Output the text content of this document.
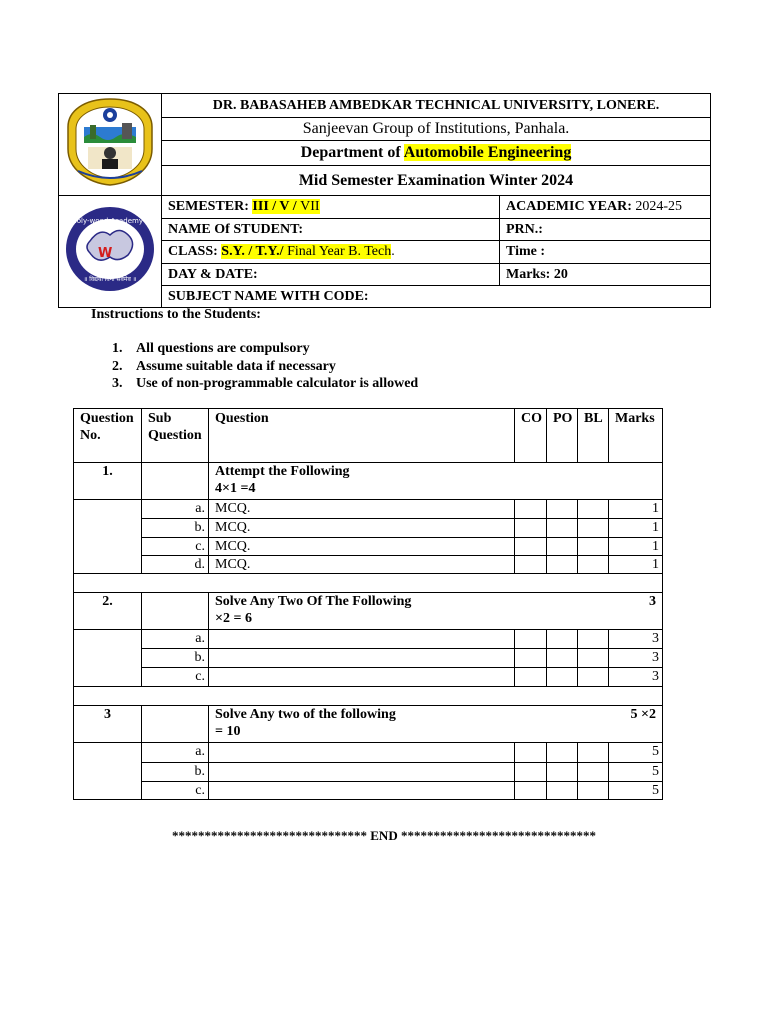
	DR. BABASAHEB AMBEDKAR TECHNICAL UNIVERSITY, LONERE.	
	Sanjeevan Group of Institutions, Panhala.	
	Department of Automobile Engineering	
	Mid Semester Examination Winter 2024	

W
Holy-wood Academy's
॥ विद्यया विना सर्वमेव ॥	SEMESTER: III / V / VII	ACADEMIC YEAR: 2024-25
	NAME Of STUDENT:	PRN.:
	CLASS: S.Y. / T.Y./ Final Year B. Tech.	Time :
	DAY & DATE:	Marks: 20
	SUBJECT NAME WITH CODE:	
Instructions to the Students:
1. All questions are compulsory
2. Assume suitable data if necessary
3. Use of non-programmable calculator is allowed
Question No.	Sub Question	Question	CO	PO	BL	Marks
1.		Attempt the Following
4×1 =4				

	a.	MCQ.				1
	b.	MCQ.				1
	c.	MCQ.				1
	d.	MCQ.				1

2.		Solve Any Two Of The Following 3
×2 = 6				

	a.					3
	b.					3
	c.					3

3		Solve Any two of the following 5 ×2
= 10				

	a.					5
	b.					5
	c.					5
****************************** END ******************************
